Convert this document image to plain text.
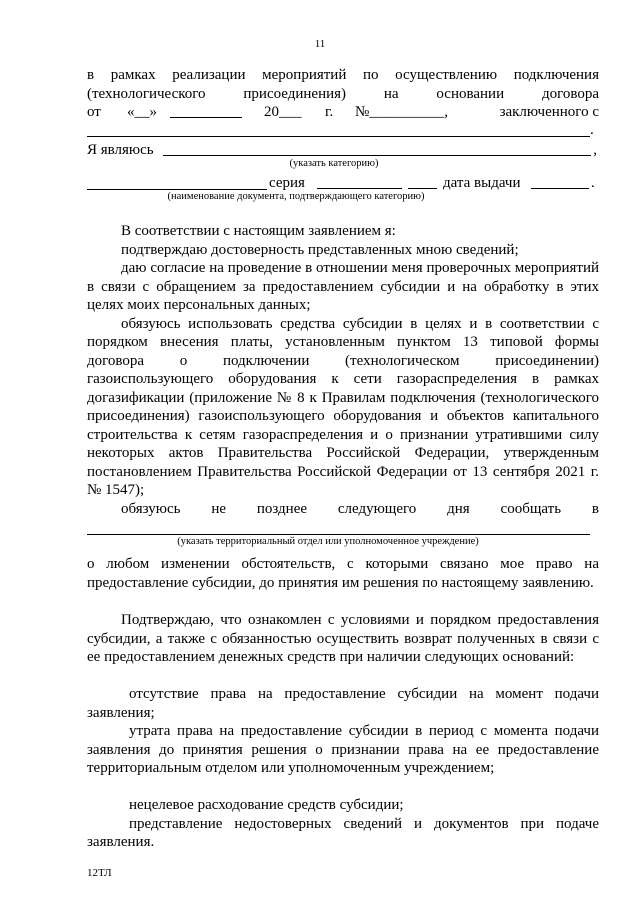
11
в рамках реализации мероприятий по осуществлению подключения
(технологического присоединения) на основании договора
от «__»	20___ г. №__________,	заключенного с
.
Я являюсь	,
(указать категорию)
серия	дата выдачи	.
(наименование документа, подтверждающего категорию)
В соответствии с настоящим заявлением я:
подтверждаю достоверность представленных мною сведений;
даю согласие на проведение в отношении меня проверочных мероприятий в связи с обращением за предоставлением субсидии и на обработку в этих целях моих персональных данных;
обязуюсь использовать средства субсидии в целях и в соответствии с порядком внесения платы, установленным пунктом 13 типовой формы договора о подключении (технологическом присоединении) газоиспользующего оборудования к сети газораспределения в рамках догазификации (приложение № 8 к Правилам подключения (технологического присоединения) газоиспользующего оборудования и объектов капитального строительства к сетям газораспределения и о признании утратившими силу некоторых актов Правительства Российской Федерации, утвержденным постановлением Правительства Российской Федерации от 13 сентября 2021 г. № 1547);
обязуюсь не позднее следующего дня сообщать в
(указать территориальный отдел или уполномоченное учреждение)
о любом изменении обстоятельств, с которыми связано мое право на предоставление субсидии, до принятия им решения по настоящему заявлению.
Подтверждаю, что ознакомлен с условиями и порядком предоставления субсидии, а также с обязанностью осуществить возврат полученных в связи с ее предоставлением денежных средств при наличии следующих оснований:
отсутствие права на предоставление субсидии на момент подачи заявления;
утрата права на предоставление субсидии в период с момента подачи заявления до принятия решения о признании права на ее предоставление территориальным отделом или уполномоченным учреждением;
нецелевое расходование средств субсидии;
представление недостоверных сведений и документов при подаче заявления.
12ТЛ
